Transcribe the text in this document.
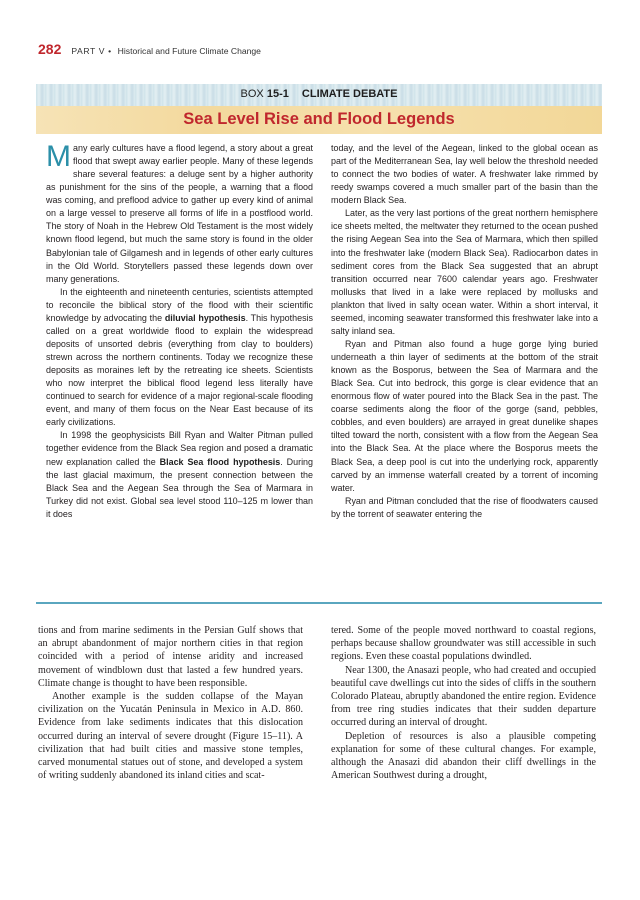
282 PART V • Historical and Future Climate Change
BOX 15-1 CLIMATE DEBATE
Sea Level Rise and Flood Legends

Many early cultures have a flood legend, a story about a great flood that swept away earlier people. Many of these legends share several features: a deluge sent by a higher authority as punishment for the sins of the people, a warning that a flood was coming, and preflood advice to gather up every kind of animal on a large vessel to preserve all forms of life in a postflood world. The story of Noah in the Hebrew Old Testament is the most widely known flood legend, but much the same story is found in the older Babylonian tale of Gilgamesh and in legends of other early cultures in the Old World. Storytellers passed these legends down over many generations.

In the eighteenth and nineteenth centuries, scientists attempted to reconcile the biblical story of the flood with their scientific knowledge by advocating the diluvial hypothesis. This hypothesis called on a great worldwide flood to explain the widespread deposits of unsorted debris (everything from clay to boulders) strewn across the northern continents. Today we recognize these deposits as moraines left by the retreating ice sheets. Scientists who now interpret the biblical flood legend less literally have continued to search for evidence of a major regional-scale flooding event, and many of them focus on the Near East because of its early civilizations.

In 1998 the geophysicists Bill Ryan and Walter Pitman pulled together evidence from the Black Sea region and posed a dramatic new explanation called the Black Sea flood hypothesis. During the last glacial maximum, the present connection between the Black Sea and the Aegean Sea through the Sea of Marmara in Turkey did not exist. Global sea level stood 110–125 m lower than it does

today, and the level of the Aegean, linked to the global ocean as part of the Mediterranean Sea, lay well below the threshold needed to connect the two bodies of water. A freshwater lake rimmed by reedy swamps covered a much smaller part of the basin than the modern Black Sea.

Later, as the very last portions of the great northern hemisphere ice sheets melted, the meltwater they returned to the ocean pushed the rising Aegean Sea into the Sea of Marmara, which then spilled into the freshwater lake (modern Black Sea). Radiocarbon dates in sediment cores from the Black Sea suggested that an abrupt transition occurred near 7600 calendar years ago. Freshwater mollusks that lived in a lake were replaced by mollusks and plankton that lived in salty ocean water. Within a short interval, it seemed, incoming seawater transformed this freshwater lake into a salty inland sea.

Ryan and Pitman also found a huge gorge lying buried underneath a thin layer of sediments at the bottom of the strait known as the Bosporus, between the Sea of Marmara and the Black Sea. Cut into bedrock, this gorge is clear evidence that an enormous flow of water poured into the Black Sea in the past. The coarse sediments along the floor of the gorge (sand, pebbles, cobbles, and even boulders) are arrayed in great dunelike shapes tilted toward the north, consistent with a flow from the Aegean Sea into the Black Sea. At the place where the Bosporus meets the Black Sea, a deep pool is cut into the underlying rock, apparently carved by an immense waterfall created by a torrent of incoming water.

Ryan and Pitman concluded that the rise of floodwaters caused by the torrent of seawater entering the

tions and from marine sediments in the Persian Gulf shows that an abrupt abandonment of major northern cities in that region coincided with a period of intense aridity and increased movement of windblown dust that lasted a few hundred years. Climate change is thought to have been responsible.

Another example is the sudden collapse of the Mayan civilization on the Yucatán Peninsula in Mexico in A.D. 860. Evidence from lake sediments indicates that this dislocation occurred during an interval of severe drought (Figure 15–11). A civilization that had built cities and massive stone temples, carved monumental statues out of stone, and developed a system of writing suddenly abandoned its inland cities and scat-

tered. Some of the people moved northward to coastal regions, perhaps because shallow groundwater was still accessible in such regions. Even these coastal populations dwindled.

Near 1300, the Anasazi people, who had created and occupied beautiful cave dwellings cut into the sides of cliffs in the southern Colorado Plateau, abruptly abandoned the entire region. Evidence from tree ring studies indicates that their sudden departure occurred during an interval of drought.

Depletion of resources is also a plausible competing explanation for some of these cultural changes. For example, although the Anasazi did abandon their cliff dwellings in the American Southwest during a drought,
